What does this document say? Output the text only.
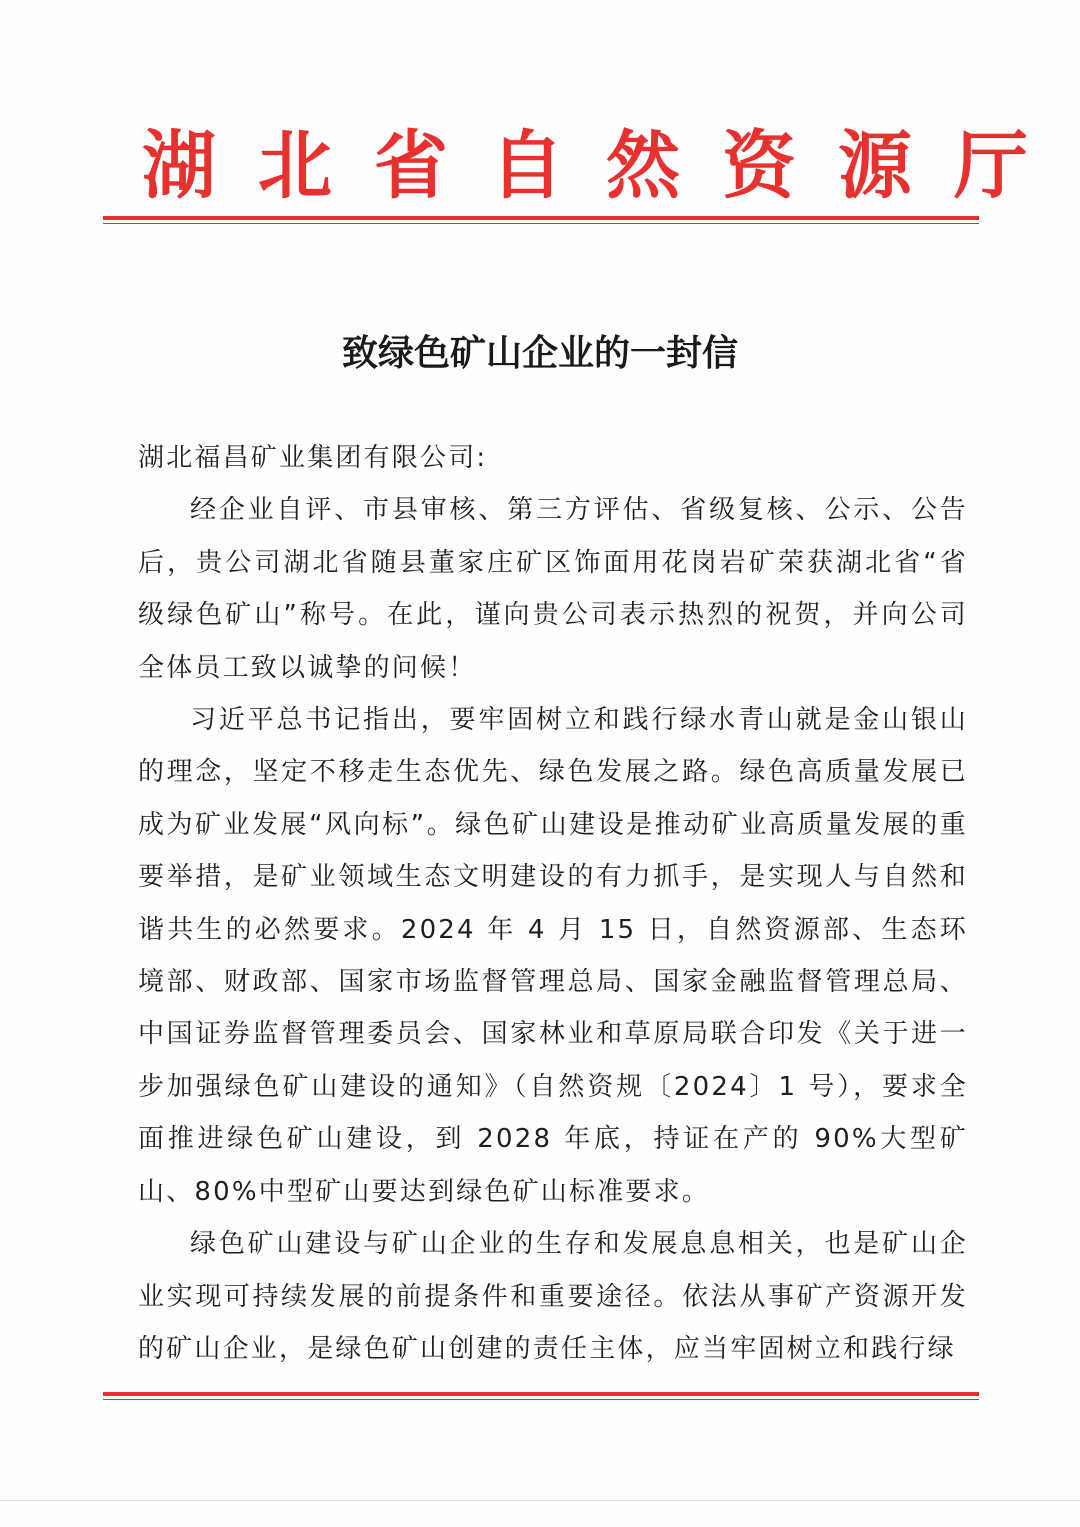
湖北省自然资源厅
致绿色矿山企业的一封信

湖北福昌矿业集团有限公司:

经企业自评、市县审核、第三方评估、省级复核、公示、公告后，贵公司湖北省随县董家庄矿区饰面用花岗岩矿荣获湖北省“省级绿色矿山”称号。在此，谨向贵公司表示热烈的祝贺，并向公司全体员工致以诚挚的问候！

习近平总书记指出，要牢固树立和践行绿水青山就是金山银山的理念，坚定不移走生态优先、绿色发展之路。绿色高质量发展已成为矿业发展“风向标”。绿色矿山建设是推动矿业高质量发展的重要举措，是矿业领域生态文明建设的有力抓手，是实现人与自然和谐共生的必然要求。2024 年 4 月 15 日，自然资源部、生态环境部、财政部、国家市场监督管理总局、国家金融监督管理总局、中国证券监督管理委员会、国家林业和草原局联合印发《关于进一步加强绿色矿山建设的通知》（自然资规〔2024〕1 号），要求全面推进绿色矿山建设，到 2028 年底，持证在产的 90%大型矿山、80%中型矿山要达到绿色矿山标准要求。

绿色矿山建设与矿山企业的生存和发展息息相关，也是矿山企业实现可持续发展的前提条件和重要途径。依法从事矿产资源开发的矿山企业，是绿色矿山创建的责任主体，应当牢固树立和践行绿
